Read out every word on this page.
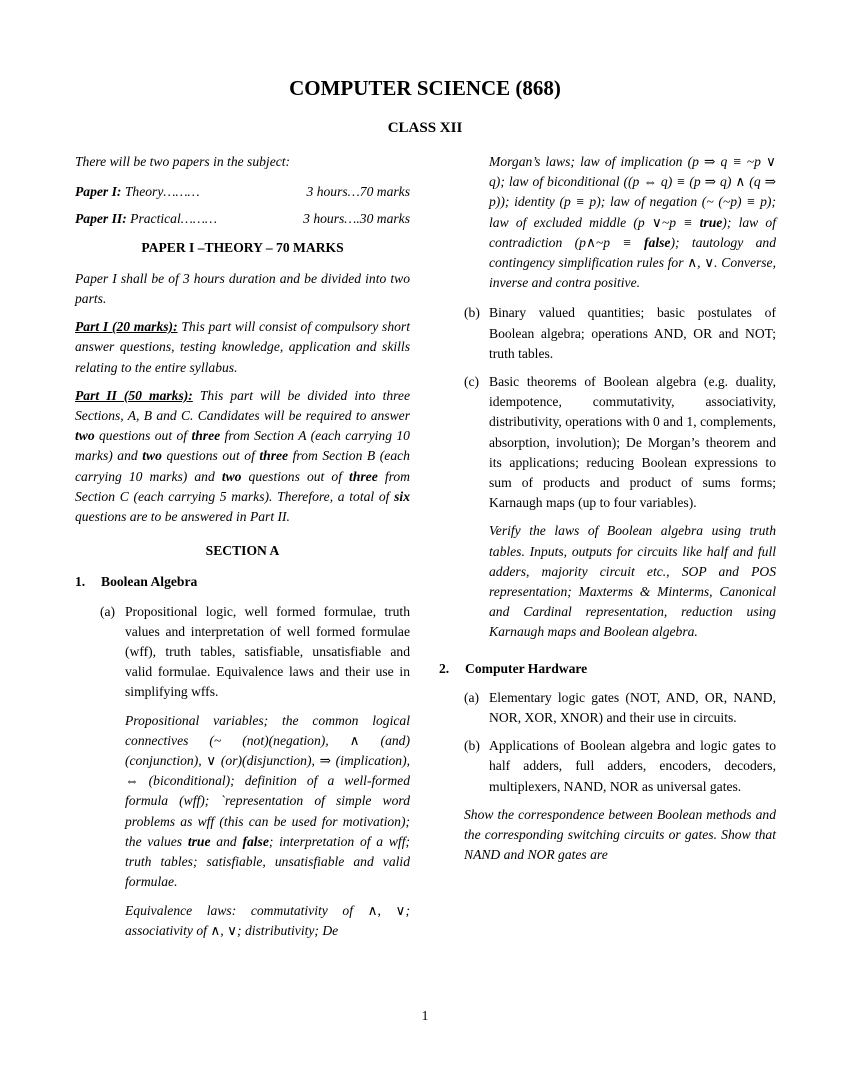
COMPUTER SCIENCE (868)
CLASS XII

There will be two papers in the subject:

Paper I: Theory………	3 hours…70 marks
Paper II: Practical………	3 hours….30 marks

PAPER I –THEORY – 70 MARKS

Paper I shall be of 3 hours duration and be divided into two parts.

Part I (20 marks): This part will consist of compulsory short answer questions, testing knowledge, application and skills relating to the entire syllabus.

Part II (50 marks): This part will be divided into three Sections, A, B and C. Candidates will be required to answer two questions out of three from Section A (each carrying 10 marks) and two questions out of three from Section B (each carrying 10 marks) and two questions out of three from Section C (each carrying 5 marks). Therefore, a total of six questions are to be answered in Part II.

SECTION A

1.	Boolean Algebra
(a) Propositional logic, well formed formulae, truth values and interpretation of well formed formulae (wff), truth tables, satisfiable, unsatisfiable and valid formulae. Equivalence laws and their use in simplifying wffs.

Propositional variables; the common logical connectives (~ (not)(negation), ∧ (and)(conjunction), ∨ (or)(disjunction), ⇒ (implication), ⇔ (biconditional); definition of a well-formed formula (wff); `representation of simple word problems as wff (this can be used for motivation); the values true and false; interpretation of a wff; truth tables; satisfiable, unsatisfiable and valid formulae.

Equivalence laws: commutativity of ∧, ∨; associativity of ∧, ∨; distributivity; De

Morgan’s laws; law of implication (p ⇒ q ≡ ~p ∨ q); law of biconditional ((p ⇔ q) ≡ (p ⇒ q) ∧ (q ⇒ p)); identity (p ≡ p); law of negation (~ (~p) ≡ p); law of excluded middle (p ∨~p ≡ true); law of contradiction (p∧~p ≡ false); tautology and contingency simplification rules for ∧, ∨. Converse, inverse and contra positive.

(b) Binary valued quantities; basic postulates of Boolean algebra; operations AND, OR and NOT; truth tables.

(c) Basic theorems of Boolean algebra (e.g. duality, idempotence, commutativity, associativity, distributivity, operations with 0 and 1, complements, absorption, involution); De Morgan’s theorem and its applications; reducing Boolean expressions to sum of products and product of sums forms; Karnaugh maps (up to four variables).

Verify the laws of Boolean algebra using truth tables. Inputs, outputs for circuits like half and full adders, majority circuit etc., SOP and POS representation; Maxterms & Minterms, Canonical and Cardinal representation, reduction using Karnaugh maps and Boolean algebra.

2.	Computer Hardware
(a) Elementary logic gates (NOT, AND, OR, NAND, NOR, XOR, XNOR) and their use in circuits.

(b) Applications of Boolean algebra and logic gates to half adders, full adders, encoders, decoders, multiplexers, NAND, NOR as universal gates.

Show the correspondence between Boolean methods and the corresponding switching circuits or gates. Show that NAND and NOR gates are

1
